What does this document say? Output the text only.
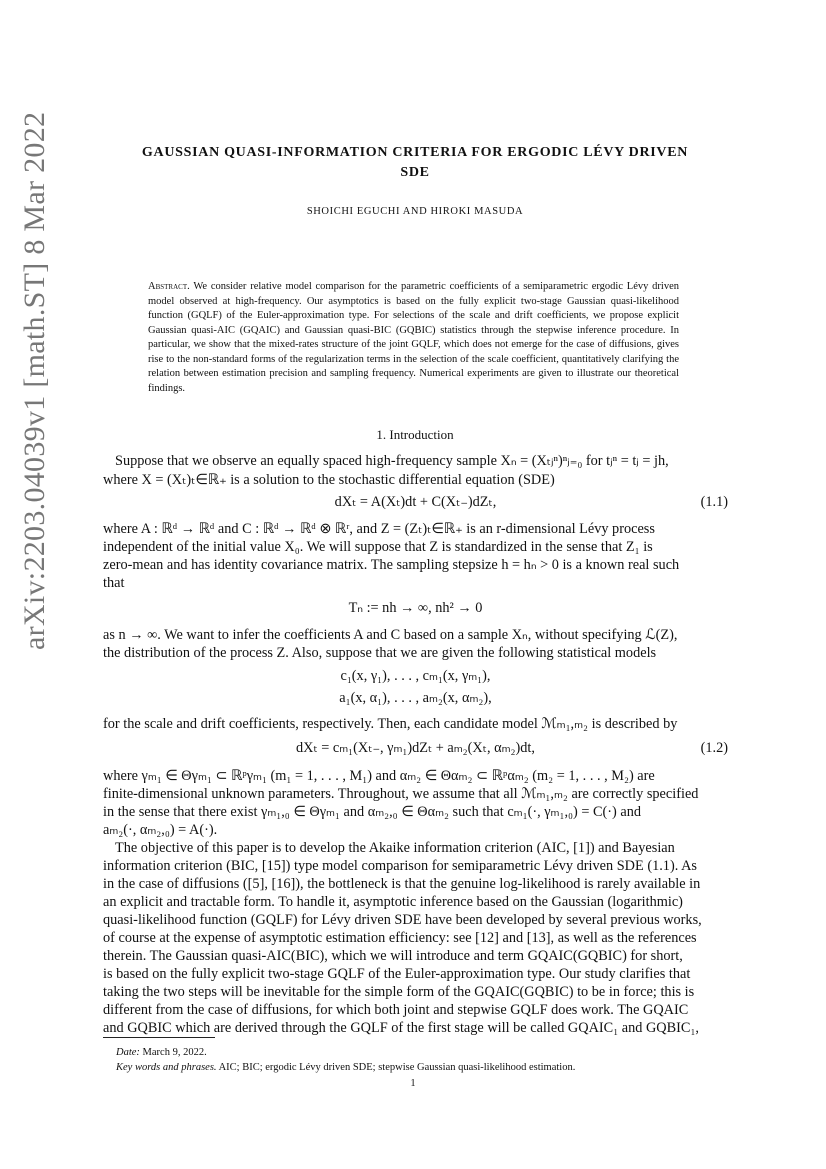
arXiv:2203.04039v1 [math.ST] 8 Mar 2022	GAUSSIAN QUASI-INFORMATION CRITERIA FOR ERGODIC LÉVY DRIVEN
SDE
SHOICHI EGUCHI AND HIROKI MASUDA
Abstract. We consider relative model comparison for the parametric coefficients of a semiparametric ergodic Lévy driven model observed at high-frequency. Our asymptotics is based on the fully explicit two-stage Gaussian quasi-likelihood function (GQLF) of the Euler-approximation type. For selections of the scale and drift coefficients, we propose explicit Gaussian quasi-AIC (GQAIC) and Gaussian quasi-BIC (GQBIC) statistics through the stepwise inference procedure. In particular, we show that the mixed-rates structure of the joint GQLF, which does not emerge for the case of diffusions, gives rise to the non-standard forms of the regularization terms in the selection of the scale coefficient, quantitatively clarifying the relation between estimation precision and sampling frequency. Numerical experiments are given to illustrate our theoretical findings.
1. Introduction
Suppose that we observe an equally spaced high-frequency sample Xₙ = (Xₜⱼⁿ)ⁿⱼ₌₀ for tⱼⁿ = tⱼ = jh,
where X = (Xₜ)ₜ∈ℝ₊ is a solution to the stochastic differential equation (SDE)
dXₜ = A(Xₜ)dt + C(Xₜ₋)dZₜ,	(1.1)
where A : ℝᵈ → ℝᵈ and C : ℝᵈ → ℝᵈ ⊗ ℝʳ, and Z = (Zₜ)ₜ∈ℝ₊ is an r-dimensional Lévy process
independent of the initial value X₀. We will suppose that Z is standardized in the sense that Z₁ is
zero-mean and has identity covariance matrix. The sampling stepsize h = hₙ > 0 is a known real such
that
Tₙ := nh → ∞, nh² → 0
as n → ∞. We want to infer the coefficients A and C based on a sample Xₙ, without specifying ℒ(Z),
the distribution of the process Z. Also, suppose that we are given the following statistical models
c₁(x, γ₁), . . . , cₘ₁(x, γₘ₁),
a₁(x, α₁), . . . , aₘ₂(x, αₘ₂),
for the scale and drift coefficients, respectively. Then, each candidate model ℳₘ₁,ₘ₂ is described by
dXₜ = cₘ₁(Xₜ₋, γₘ₁)dZₜ + aₘ₂(Xₜ, αₘ₂)dt,	(1.2)
where γₘ₁ ∈ Θγₘ₁ ⊂ ℝᵖγₘ₁ (m₁ = 1, . . . , M₁) and αₘ₂ ∈ Θαₘ₂ ⊂ ℝᵖαₘ₂ (m₂ = 1, . . . , M₂) are
finite-dimensional unknown parameters. Throughout, we assume that all ℳₘ₁,ₘ₂ are correctly specified
in the sense that there exist γₘ₁,₀ ∈ Θγₘ₁ and αₘ₂,₀ ∈ Θαₘ₂ such that cₘ₁(·, γₘ₁,₀) = C(·) and
aₘ₂(·, αₘ₂,₀) = A(·).
The objective of this paper is to develop the Akaike information criterion (AIC, [1]) and Bayesian
information criterion (BIC, [15]) type model comparison for semiparametric Lévy driven SDE (1.1). As
in the case of diffusions ([5], [16]), the bottleneck is that the genuine log-likelihood is rarely available in
an explicit and tractable form. To handle it, asymptotic inference based on the Gaussian (logarithmic)
quasi-likelihood function (GQLF) for Lévy driven SDE have been developed by several previous works,
of course at the expense of asymptotic estimation efficiency: see [12] and [13], as well as the references
therein. The Gaussian quasi-AIC(BIC), which we will introduce and term GQAIC(GQBIC) for short,
is based on the fully explicit two-stage GQLF of the Euler-approximation type. Our study clarifies that
taking the two steps will be inevitable for the simple form of the GQAIC(GQBIC) to be in force; this is
different from the case of diffusions, for which both joint and stepwise GQLF does work. The GQAIC
and GQBIC which are derived through the GQLF of the first stage will be called GQAIC₁ and GQBIC₁,
Date: March 9, 2022.
Key words and phrases. AIC; BIC; ergodic Lévy driven SDE; stepwise Gaussian quasi-likelihood estimation.
1
